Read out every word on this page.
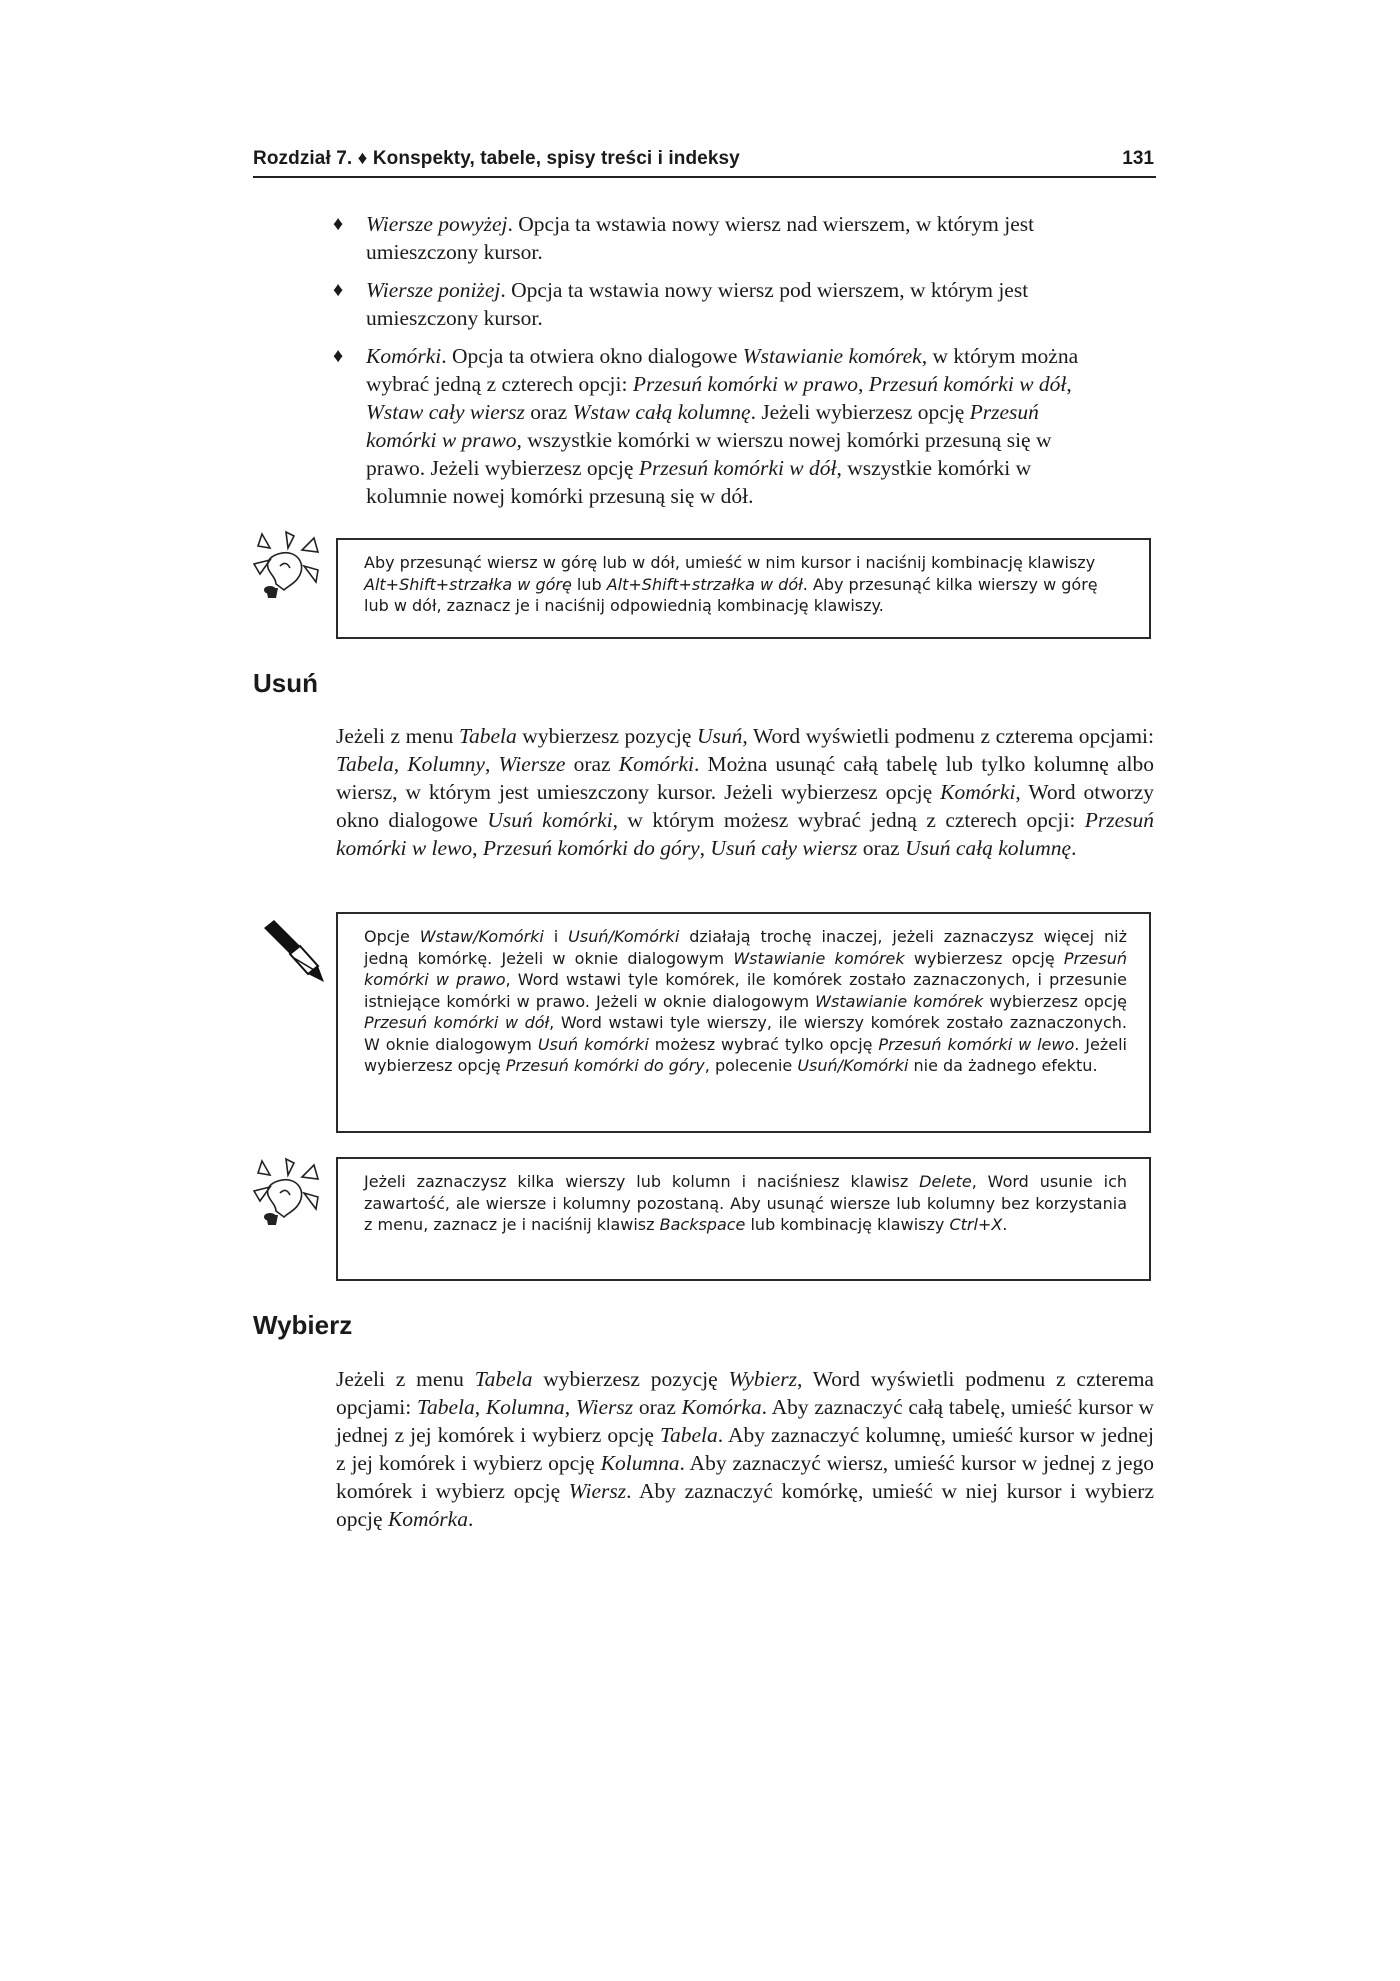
Rozdział 7. ♦ Konspekty, tabele, spisy treści i indeksy	131
♦ Wiersze powyżej. Opcja ta wstawia nowy wiersz nad wierszem, w którym jest umieszczony kursor.
♦ Wiersze poniżej. Opcja ta wstawia nowy wiersz pod wierszem, w którym jest umieszczony kursor.
♦ Komórki. Opcja ta otwiera okno dialogowe Wstawianie komórek, w którym można wybrać jedną z czterech opcji: Przesuń komórki w prawo, Przesuń komórki w dół, Wstaw cały wiersz oraz Wstaw całą kolumnę. Jeżeli wybierzesz opcję Przesuń komórki w prawo, wszystkie komórki w wierszu nowej komórki przesuną się w prawo. Jeżeli wybierzesz opcję Przesuń komórki w dół, wszystkie komórki w kolumnie nowej komórki przesuną się w dół.
Aby przesunąć wiersz w górę lub w dół, umieść w nim kursor i naciśnij kombinację klawiszy Alt+Shift+strzałka w górę lub Alt+Shift+strzałka w dół. Aby przesunąć kilka wierszy w górę lub w dół, zaznacz je i naciśnij odpowiednią kombinację klawiszy.
Usuń
Jeżeli z menu Tabela wybierzesz pozycję Usuń, Word wyświetli podmenu z czterema opcjami: Tabela, Kolumny, Wiersze oraz Komórki. Można usunąć całą tabelę lub tylko kolumnę albo wiersz, w którym jest umieszczony kursor. Jeżeli wybierzesz opcję Komórki, Word otworzy okno dialogowe Usuń komórki, w którym możesz wybrać jedną z czterech opcji: Przesuń komórki w lewo, Przesuń komórki do góry, Usuń cały wiersz oraz Usuń całą kolumnę.
Opcje Wstaw/Komórki i Usuń/Komórki działają trochę inaczej, jeżeli zaznaczysz więcej niż jedną komórkę. Jeżeli w oknie dialogowym Wstawianie komórek wybierzesz opcję Przesuń komórki w prawo, Word wstawi tyle komórek, ile komórek zostało zaznaczonych, i przesunie istniejące komórki w prawo. Jeżeli w oknie dialogowym Wstawianie komórek wybierzesz opcję Przesuń komórki w dół, Word wstawi tyle wierszy, ile wierszy komórek zostało zaznaczonych. W oknie dialogowym Usuń komórki możesz wybrać tylko opcję Przesuń komórki w lewo. Jeżeli wybierzesz opcję Przesuń komórki do góry, polecenie Usuń/Komórki nie da żadnego efektu.
Jeżeli zaznaczysz kilka wierszy lub kolumn i naciśniesz klawisz Delete, Word usunie ich zawartość, ale wiersze i kolumny pozostaną. Aby usunąć wiersze lub kolumny bez korzystania z menu, zaznacz je i naciśnij klawisz Backspace lub kombinację klawiszy Ctrl+X.
Wybierz
Jeżeli z menu Tabela wybierzesz pozycję Wybierz, Word wyświetli podmenu z czterema opcjami: Tabela, Kolumna, Wiersz oraz Komórka. Aby zaznaczyć całą tabelę, umieść kursor w jednej z jej komórek i wybierz opcję Tabela. Aby zaznaczyć kolumnę, umieść kursor w jednej z jej komórek i wybierz opcję Kolumna. Aby zaznaczyć wiersz, umieść kursor w jednej z jego komórek i wybierz opcję Wiersz. Aby zaznaczyć komórkę, umieść w niej kursor i wybierz opcję Komórka.
